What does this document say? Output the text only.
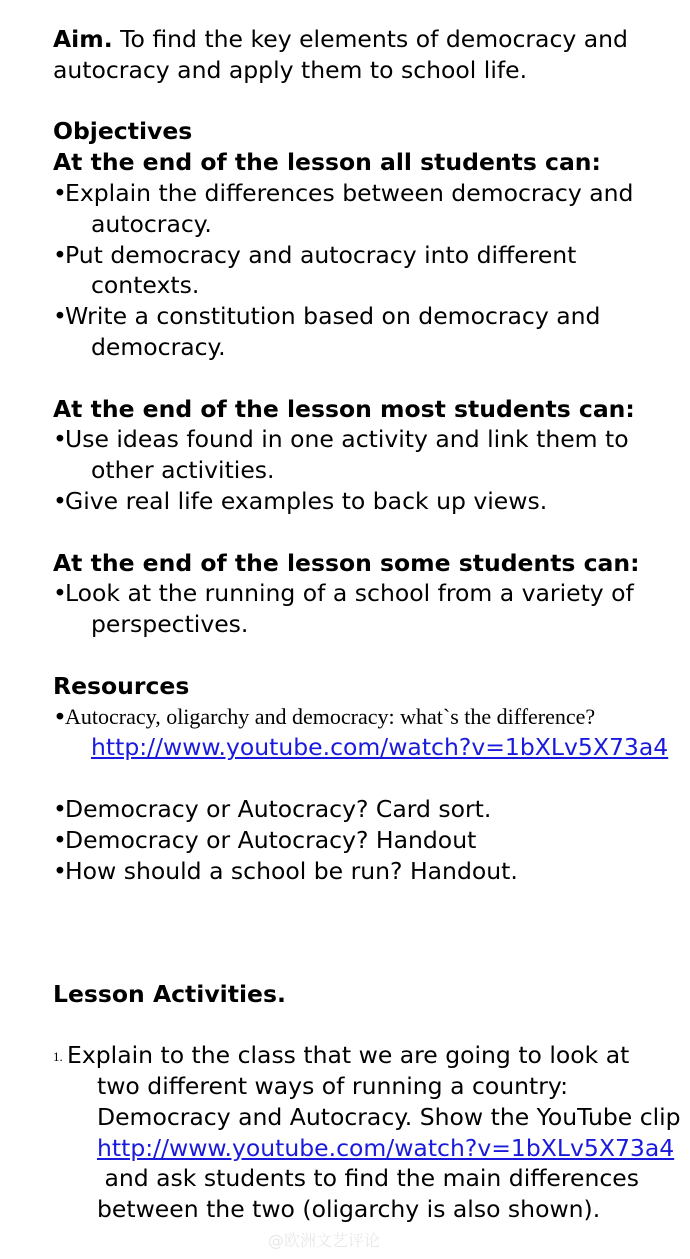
Aim. To find the key elements of democracy and
autocracy and apply them to school life.
Objectives
At the end of the lesson all students can:
•
Explain the differences between democracy and
autocracy.
•
Put democracy and autocracy into different
contexts.
•
Write a constitution based on democracy and
democracy.
At the end of the lesson most students can:
•
Use ideas found in one activity and link them to
other activities.
•
Give real life examples to back up views.
At the end of the lesson some students can:
•
Look at the running of a school from a variety of
perspectives.
Resources
•
Autocracy, oligarchy and democracy: what`s the difference?
http://www.youtube.com/watch?v=1bXLv5X73a4
•
Democracy or Autocracy? Card sort.
•
Democracy or Autocracy? Handout
•
How should a school be run? Handout.
Lesson Activities.
1. Explain to the class that we are going to look at
two different ways of running a country:
Democracy and Autocracy. Show the YouTube clip
http://www.youtube.com/watch?v=1bXLv5X73a4
and ask students to find the main differences
between the two (oligarchy is also shown).
@欧洲文艺评论
